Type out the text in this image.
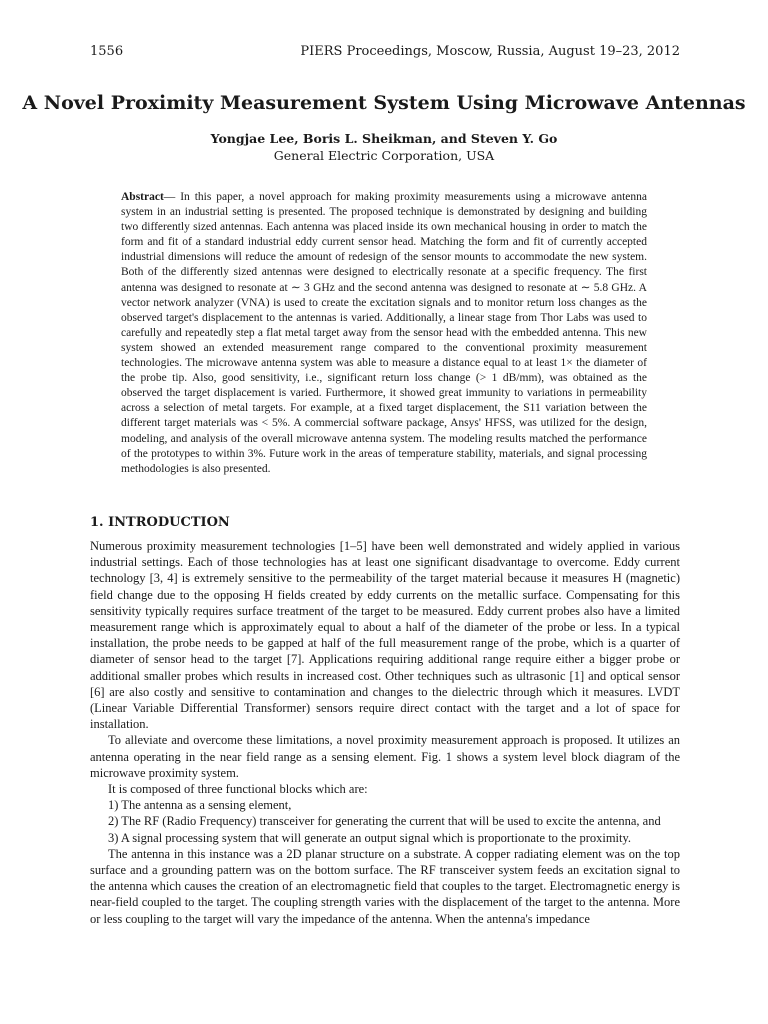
1556	PIERS Proceedings, Moscow, Russia, August 19–23, 2012
A Novel Proximity Measurement System Using Microwave Antennas
Yongjae Lee, Boris L. Sheikman, and Steven Y. Go
General Electric Corporation, USA
Abstract— In this paper, a novel approach for making proximity measurements using a microwave antenna system in an industrial setting is presented. The proposed technique is demonstrated by designing and building two differently sized antennas. Each antenna was placed inside its own mechanical housing in order to match the form and fit of a standard industrial eddy current sensor head. Matching the form and fit of currently accepted industrial dimensions will reduce the amount of redesign of the sensor mounts to accommodate the new system. Both of the differently sized antennas were designed to electrically resonate at a specific frequency. The first antenna was designed to resonate at ∼ 3 GHz and the second antenna was designed to resonate at ∼ 5.8 GHz. A vector network analyzer (VNA) is used to create the excitation signals and to monitor return loss changes as the observed target's displacement to the antennas is varied. Additionally, a linear stage from Thor Labs was used to carefully and repeatedly step a flat metal target away from the sensor head with the embedded antenna. This new system showed an extended measurement range compared to the conventional proximity measurement technologies. The microwave antenna system was able to measure a distance equal to at least 1× the diameter of the probe tip. Also, good sensitivity, i.e., significant return loss change (> 1 dB/mm), was obtained as the observed the target displacement is varied. Furthermore, it showed great immunity to variations in permeability across a selection of metal targets. For example, at a fixed target displacement, the S11 variation between the different target materials was < 5%. A commercial software package, Ansys' HFSS, was utilized for the design, modeling, and analysis of the overall microwave antenna system. The modeling results matched the performance of the prototypes to within 3%. Future work in the areas of temperature stability, materials, and signal processing methodologies is also presented.
1. INTRODUCTION

Numerous proximity measurement technologies [1–5] have been well demonstrated and widely applied in various industrial settings. Each of those technologies has at least one significant disadvantage to overcome. Eddy current technology [3, 4] is extremely sensitive to the permeability of the target material because it measures H (magnetic) field change due to the opposing H fields created by eddy currents on the metallic surface. Compensating for this sensitivity typically requires surface treatment of the target to be measured. Eddy current probes also have a limited measurement range which is approximately equal to about a half of the diameter of the probe or less. In a typical installation, the probe needs to be gapped at half of the full measurement range of the probe, which is a quarter of diameter of sensor head to the target [7]. Applications requiring additional range require either a bigger probe or additional smaller probes which results in increased cost. Other techniques such as ultrasonic [1] and optical sensor [6] are also costly and sensitive to contamination and changes to the dielectric through which it measures. LVDT (Linear Variable Differential Transformer) sensors require direct contact with the target and a lot of space for installation.

To alleviate and overcome these limitations, a novel proximity measurement approach is proposed. It utilizes an antenna operating in the near field range as a sensing element. Fig. 1 shows a system level block diagram of the microwave proximity system.

It is composed of three functional blocks which are:

1) The antenna as a sensing element,

2) The RF (Radio Frequency) transceiver for generating the current that will be used to excite the antenna, and

3) A signal processing system that will generate an output signal which is proportionate to the proximity.

The antenna in this instance was a 2D planar structure on a substrate. A copper radiating element was on the top surface and a grounding pattern was on the bottom surface. The RF transceiver system feeds an excitation signal to the antenna which causes the creation of an electromagnetic field that couples to the target. Electromagnetic energy is near-field coupled to the target. The coupling strength varies with the displacement of the target to the antenna. More or less coupling to the target will vary the impedance of the antenna. When the antenna's impedance
